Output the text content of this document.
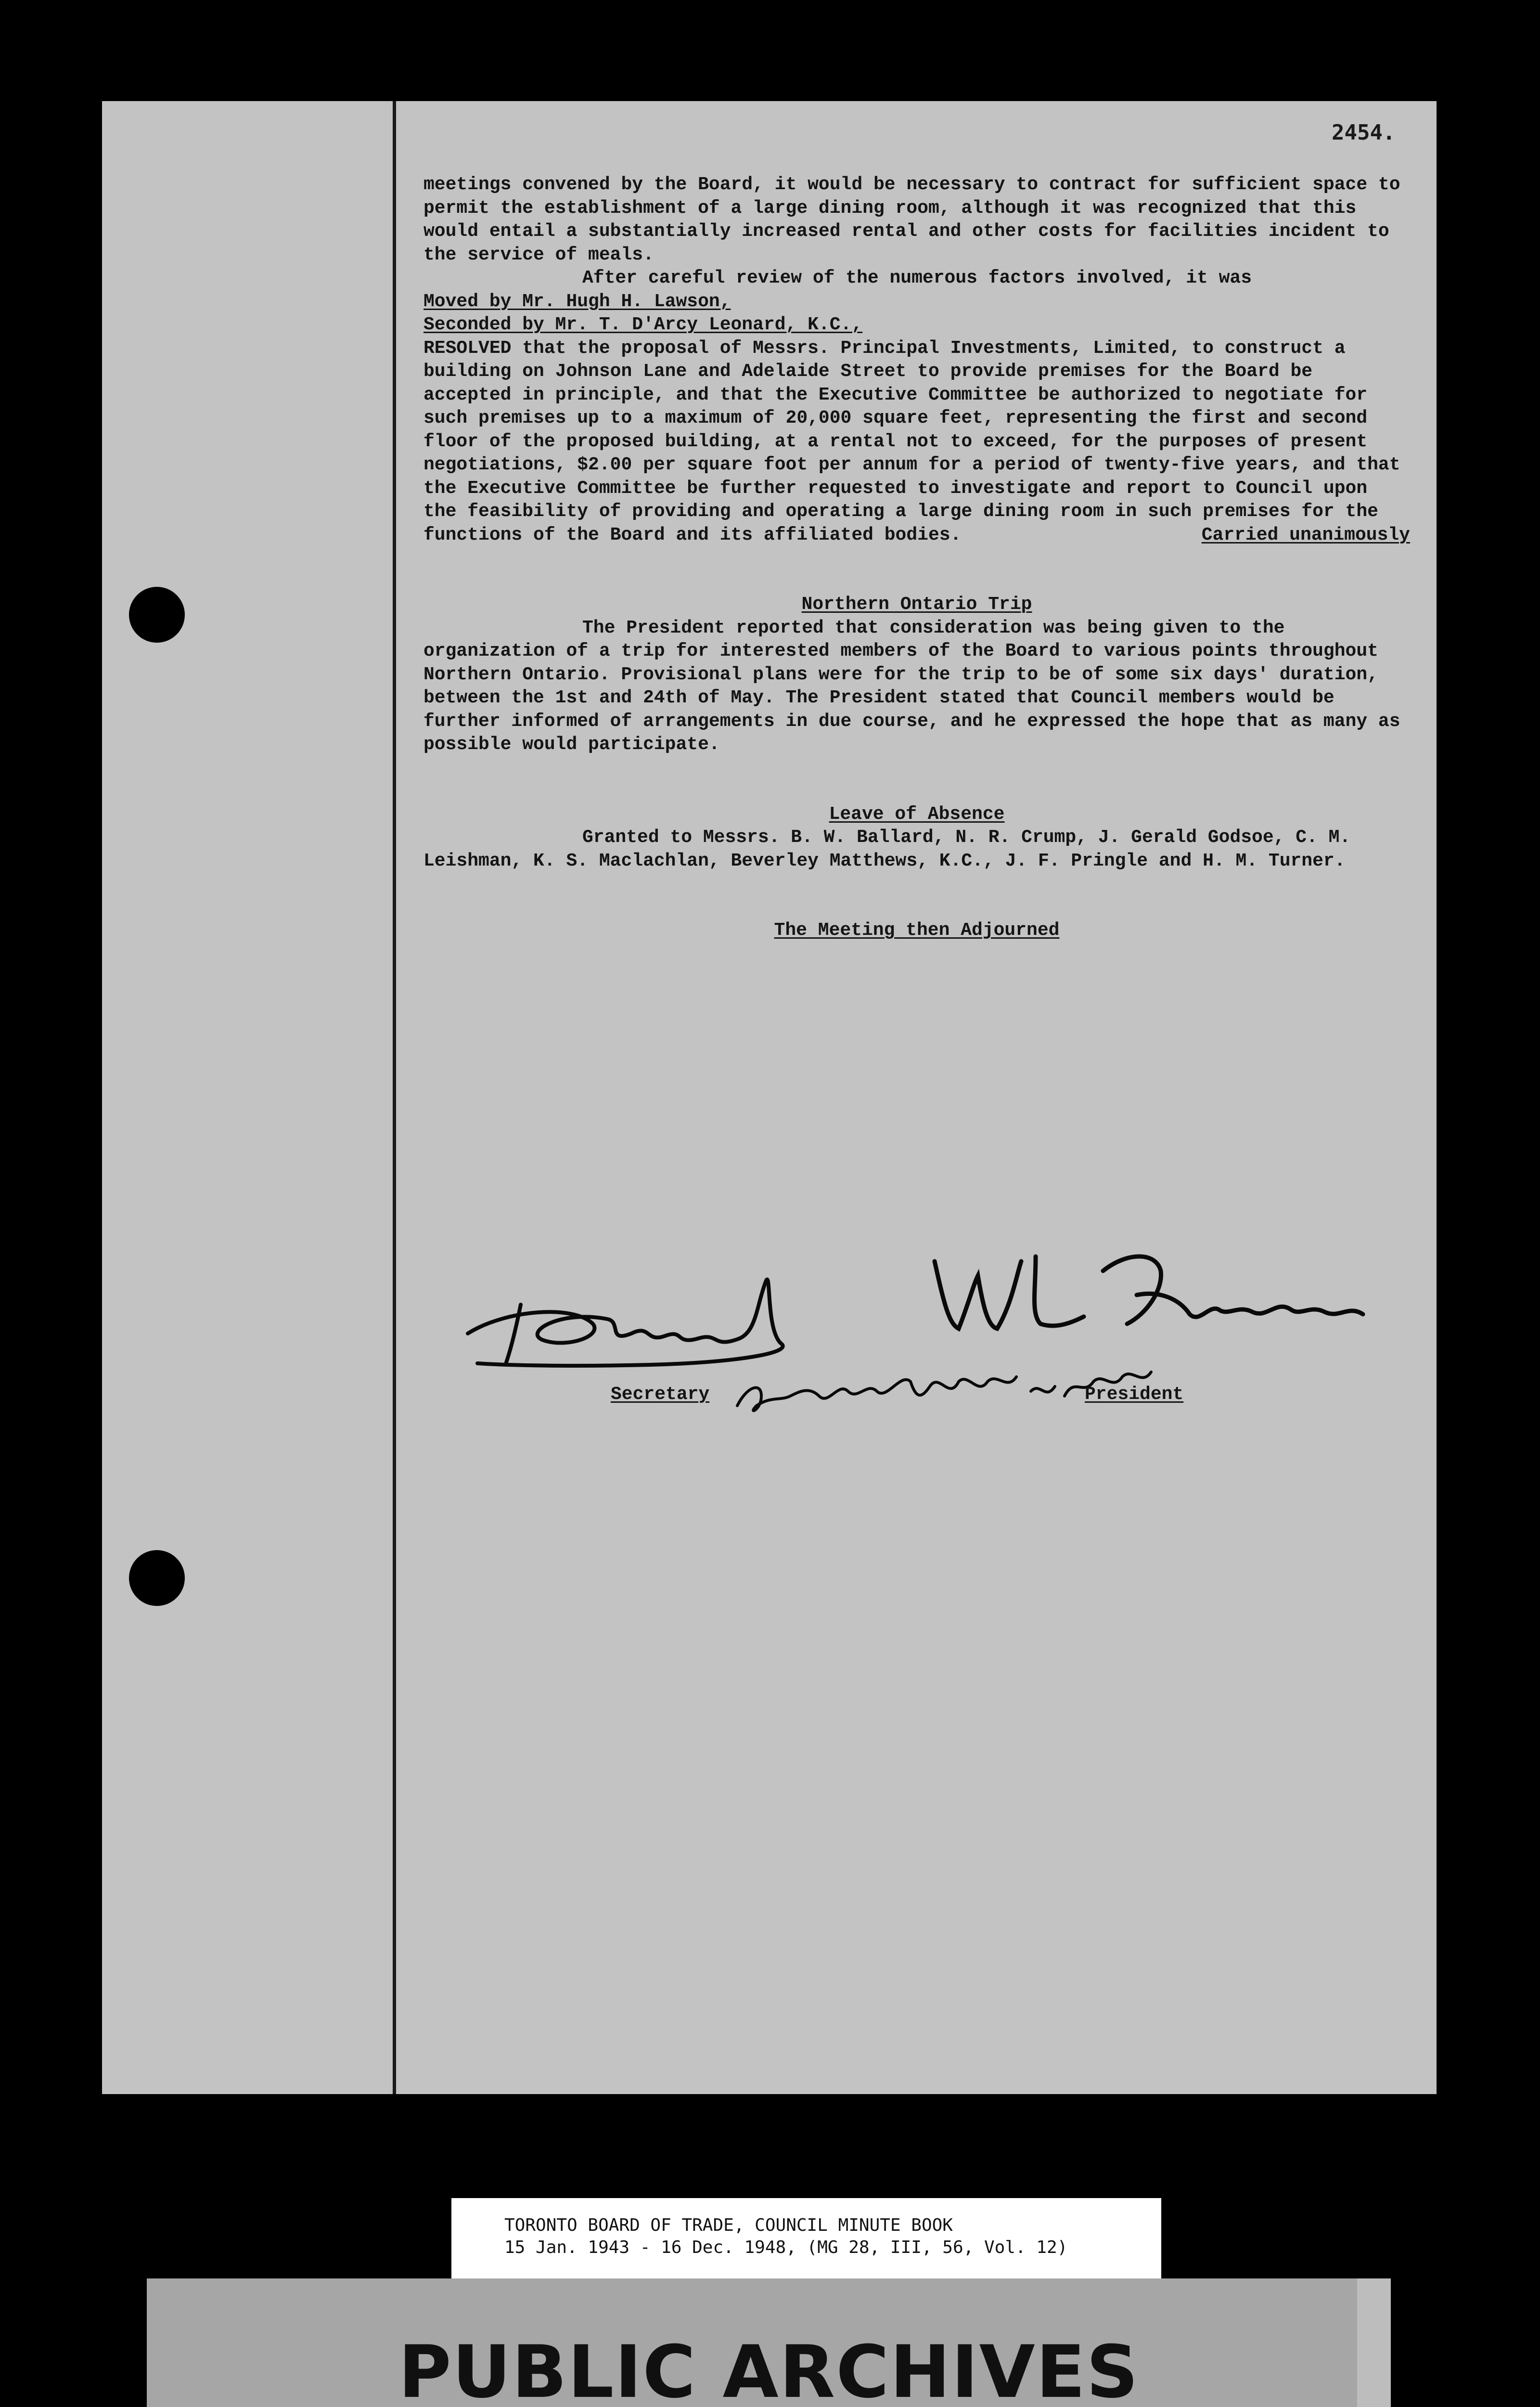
2454.

meetings convened by the Board, it would be necessary to contract for sufficient space to permit the establishment of a large dining room, although it was recognized that this would entail a substantially increased rental and other costs for facilities incident to the service of meals.

After careful review of the numerous factors involved, it was

Moved by Mr. Hugh H. Lawson,

Seconded by Mr. T. D'Arcy Leonard, K.C.,

RESOLVED that the proposal of Messrs. Principal Investments, Limited, to construct a building on Johnson Lane and Adelaide Street to provide premises for the Board be accepted in principle, and that the Executive Committee be authorized to negotiate for such premises up to a maximum of 20,000 square feet, representing the first and second floor of the proposed building, at a rental not to exceed, for the purposes of present negotiations, $2.00 per square foot per annum for a period of twenty-five years, and that the Executive Committee be further requested to investigate and report to Council upon the feasibility of providing and operating a large dining room in such premises for the functions of the Board and its affiliated bodies.	Carried unanimously

Northern Ontario Trip

The President reported that consideration was being given to the organization of a trip for interested members of the Board to various points throughout Northern Ontario. Provisional plans were for the trip to be of some six days' duration, between the 1st and 24th of May. The President stated that Council members would be further informed of arrangements in due course, and he expressed the hope that as many as possible would participate.

Leave of Absence

Granted to Messrs. B. W. Ballard, N. R. Crump, J. Gerald Godsoe, C. M. Leishman, K. S. Maclachlan, Beverley Matthews, K.C., J. F. Pringle and H. M. Turner.

The Meeting then Adjourned

Secretary	President

TORONTO BOARD OF TRADE, COUNCIL MINUTE BOOK

15 Jan. 1943 - 16 Dec. 1948, (MG 28, III, 56, Vol. 12)

PUBLIC ARCHIVES
